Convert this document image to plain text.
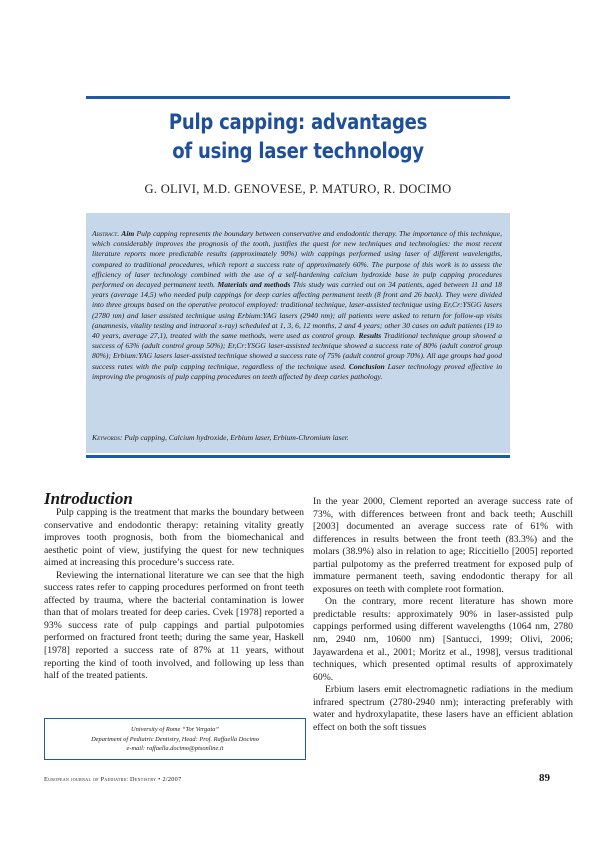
Pulp capping: advantages
of using laser technology
G. OLIVI, M.D. GENOVESE, P. MATURO, R. DOCIMO
Abstract. Aim Pulp capping represents the boundary between conservative and endodontic therapy. The importance of this technique, which considerably improves the prognosis of the tooth, justifies the quest for new techniques and technologies: the most recent literature reports more predictable results (approximately 90%) with cappings performed using laser of different wavelengths, compared to traditional procedures, which report a success rate of approximately 60%. The purpose of this work is to assess the efficiency of laser technology combined with the use of a self-hardening calcium hydroxide base in pulp capping procedures performed on decayed permanent teeth. Materials and methods This study was carried out on 34 patients, aged between 11 and 18 years (average 14,5) who needed pulp cappings for deep caries affecting permanent teeth (8 front and 26 back). They were divided into three groups based on the operative protocol employed: traditional technique, laser-assisted technique using Er,Cr:YSGG lasers (2780 nm) and laser assisted technique using Erbium:YAG lasers (2940 nm); all patients were asked to return for follow-up visits (anamnesis, vitality testing and intraoral x-ray) scheduled at 1, 3, 6, 12 months, 2 and 4 years; other 30 cases on adult patients (19 to 40 years, average 27,1), treated with the same methods, were used as control group. Results Traditional technique group showed a success of 63% (adult control group 50%); Er,Cr:YSGG laser-assisted technique showed a success rate of 80% (adult control group 80%); Erbium:YAG lasers laser-assisted technique showed a success rate of 75% (adult control group 70%). All age groups had good success rates with the pulp capping technique, regardless of the technique used. Conclusion Laser technology proved effective in improving the prognosis of pulp capping procedures on teeth affected by deep caries pathology.
Keywords: Pulp capping, Calcium hydroxide, Erbium laser, Erbium-Chromium laser.
Introduction

Pulp capping is the treatment that marks the boundary between conservative and endodontic therapy: retaining vitality greatly improves tooth prognosis, both from the biomechanical and aesthetic point of view, justifying the quest for new techniques aimed at increasing this procedure’s success rate.

Reviewing the international literature we can see that the high success rates refer to capping procedures performed on front teeth affected by trauma, where the bacterial contamination is lower than that of molars treated for deep caries. Cvek [1978] reported a 93% success rate of pulp cappings and partial pulpotomies performed on fractured front teeth; during the same year, Haskell [1978] reported a success rate of 87% at 11 years, without reporting the kind of tooth involved, and following up less than half of the treated patients.

In the year 2000, Clement reported an average success rate of 73%, with differences between front and back teeth; Auschill [2003] documented an average success rate of 61% with differences in results between the front teeth (83.3%) and the molars (38.9%) also in relation to age; Riccitiello [2005] reported partial pulpotomy as the preferred treatment for exposed pulp of immature permanent teeth, saving endodontic therapy for all exposures on teeth with complete root formation.

On the contrary, more recent literature has shown more predictable results: approximately 90% in laser-assisted pulp cappings performed using different wavelengths (1064 nm, 2780 nm, 2940 nm, 10600 nm) [Santucci, 1999; Olivi, 2006; Jayawardena et al., 2001; Moritz et al., 1998], versus traditional techniques, which presented optimal results of approximately 60%.

Erbium lasers emit electromagnetic radiations in the medium infrared spectrum (2780-2940 nm); interacting preferably with water and hydroxylapatite, these lasers have an efficient ablation effect on both the soft tissues

University of Rome “Tor Vergata”
Department of Pediatric Dentistry, Head: Prof. Raffaella Docimo
e-mail: raffaella.docimo@ptsonline.it
European journal of Paediatric Dentistry • 2/2007	89
